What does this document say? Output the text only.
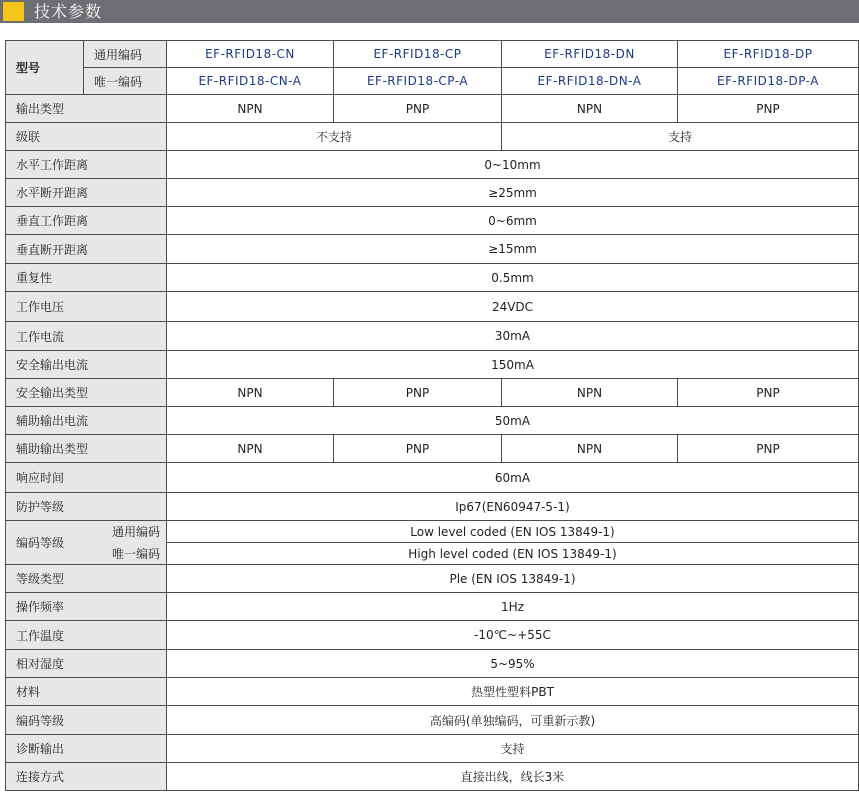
技术参数
型号	通用编码	EF-RFID18-CN	EF-RFID18-CP	EF-RFID18-DN	EF-RFID18-DP
	唯一编码	EF-RFID18-CN-A	EF-RFID18-CP-A	EF-RFID18-DN-A	EF-RFID18-DP-A
输出类型		NPN	PNP	NPN	PNP
级联		不支持		支持	
水平工作距离		0~10mm			
水平断开距离		≥25mm			
垂直工作距离		0~6mm			
垂直断开距离		≥15mm			
重复性		0.5mm			
工作电压		24VDC			
工作电流		30mA			
安全输出电流		150mA			
安全输出类型		NPN	PNP	NPN	PNP
辅助输出电流		50mA			
辅助输出类型		NPN	PNP	NPN	PNP
响应时间		60mA			
防护等级		Ip67(EN60947-5-1)			
编码等级	通用编码	Low level coded (EN IOS 13849-1)			
	唯一编码	High level coded (EN IOS 13849-1)			
等级类型		Ple (EN IOS 13849-1)			
操作频率		1Hz			
工作温度		-10℃~+55C			
相对湿度		5~95%			
材料		热塑性塑料PBT			
编码等级		高编码(单独编码，可重新示教)			
诊断输出		支持			
连接方式		直接出线，线长3米			
